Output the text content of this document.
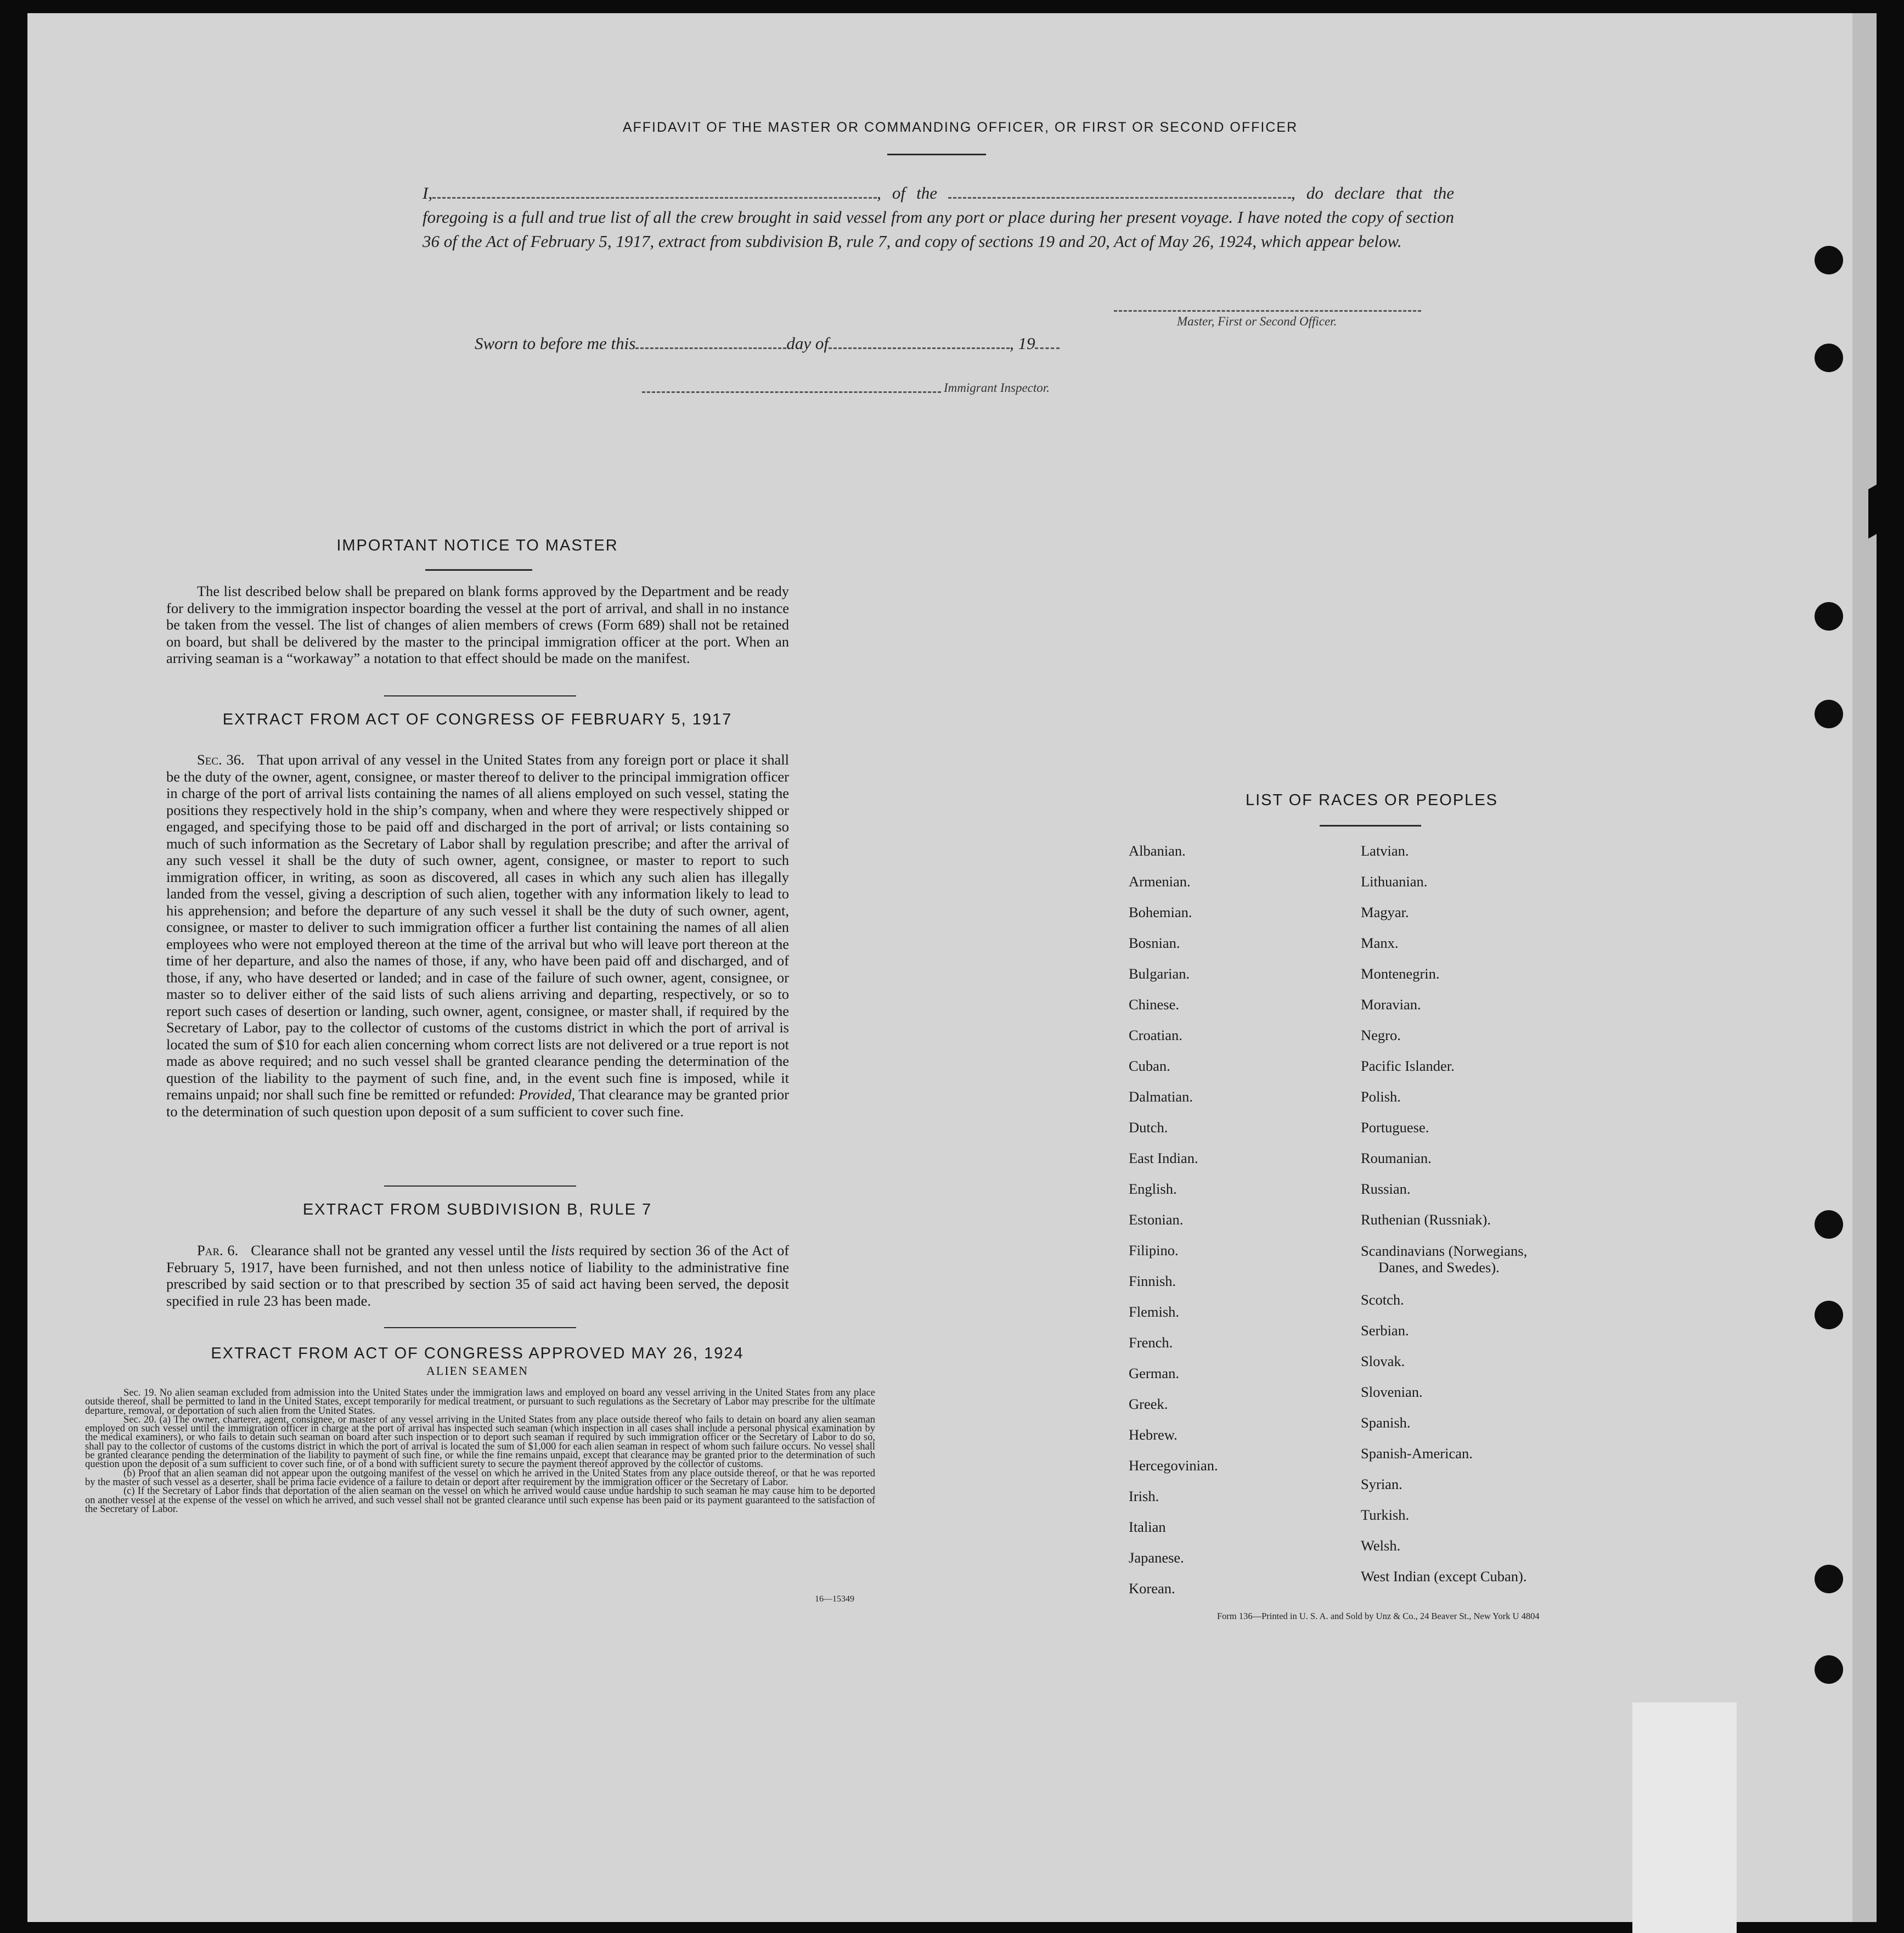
AFFIDAVIT OF THE MASTER OR COMMANDING OFFICER, OR FIRST OR SECOND OFFICER
I,	, of the	, do declare that the foregoing is a full and true list of all the crew brought in said vessel from any port or place during her present voyage. I have noted the copy of section 36 of the Act of February 5, 1917, extract from subdivision B, rule 7, and copy of sections 19 and 20, Act of May 26, 1924, which appear below.
Master, First or Second Officer.
Sworn to before me this	day of	, 19
Immigrant Inspector.
IMPORTANT NOTICE TO MASTER
The list described below shall be prepared on blank forms approved by the Department and be ready for delivery to the immigration inspector boarding the vessel at the port of arrival, and shall in no instance be taken from the vessel. The list of changes of alien members of crews (Form 689) shall not be retained on board, but shall be delivered by the master to the principal immigration officer at the port. When an arriving seaman is a “workaway” a notation to that effect should be made on the manifest.
EXTRACT FROM ACT OF CONGRESS OF FEBRUARY 5, 1917
Sec. 36. That upon arrival of any vessel in the United States from any foreign port or place it shall be the duty of the owner, agent, consignee, or master thereof to deliver to the principal immigration officer in charge of the port of arrival lists containing the names of all aliens employed on such vessel, stating the positions they respectively hold in the ship’s company, when and where they were respectively shipped or engaged, and specifying those to be paid off and discharged in the port of arrival; or lists containing so much of such information as the Secretary of Labor shall by regulation prescribe; and after the arrival of any such vessel it shall be the duty of such owner, agent, consignee, or master to report to such immigration officer, in writing, as soon as discovered, all cases in which any such alien has illegally landed from the vessel, giving a description of such alien, together with any information likely to lead to his apprehension; and before the departure of any such vessel it shall be the duty of such owner, agent, consignee, or master to deliver to such immigration officer a further list containing the names of all alien employees who were not employed thereon at the time of the arrival but who will leave port thereon at the time of her departure, and also the names of those, if any, who have been paid off and discharged, and of those, if any, who have deserted or landed; and in case of the failure of such owner, agent, consignee, or master so to deliver either of the said lists of such aliens arriving and departing, respectively, or so to report such cases of desertion or landing, such owner, agent, consignee, or master shall, if required by the Secretary of Labor, pay to the collector of customs of the customs district in which the port of arrival is located the sum of $10 for each alien concerning whom correct lists are not delivered or a true report is not made as above required; and no such vessel shall be granted clearance pending the determination of the question of the liability to the payment of such fine, and, in the event such fine is imposed, while it remains unpaid; nor shall such fine be remitted or refunded: Provided, That clearance may be granted prior to the determination of such question upon deposit of a sum sufficient to cover such fine.
EXTRACT FROM SUBDIVISION B, RULE 7
Par. 6. Clearance shall not be granted any vessel until the lists required by section 36 of the Act of February 5, 1917, have been furnished, and not then unless notice of liability to the administrative fine prescribed by said section or to that prescribed by section 35 of said act having been served, the deposit specified in rule 23 has been made.
EXTRACT FROM ACT OF CONGRESS APPROVED MAY 26, 1924
ALIEN SEAMEN

Sec. 19. No alien seaman excluded from admission into the United States under the immigration laws and employed on board any vessel arriving in the United States from any place outside thereof, shall be permitted to land in the United States, except temporarily for medical treatment, or pursuant to such regulations as the Secretary of Labor may prescribe for the ultimate departure, removal, or deportation of such alien from the United States.

Sec. 20. (a) The owner, charterer, agent, consignee, or master of any vessel arriving in the United States from any place outside thereof who fails to detain on board any alien seaman employed on such vessel until the immigration officer in charge at the port of arrival has inspected such seaman (which inspection in all cases shall include a personal physical examination by the medical examiners), or who fails to detain such seaman on board after such inspection or to deport such seaman if required by such immigration officer or the Secretary of Labor to do so, shall pay to the collector of customs of the customs district in which the port of arrival is located the sum of $1,000 for each alien seaman in respect of whom such failure occurs. No vessel shall be granted clearance pending the determination of the liability to payment of such fine, or while the fine remains unpaid, except that clearance may be granted prior to the determination of such question upon the deposit of a sum sufficient to cover such fine, or of a bond with sufficient surety to secure the payment thereof approved by the collector of customs.

(b) Proof that an alien seaman did not appear upon the outgoing manifest of the vessel on which he arrived in the United States from any place outside thereof, or that he was reported by the master of such vessel as a deserter, shall be prima facie evidence of a failure to detain or deport after requirement by the immigration officer or the Secretary of Labor.

(c) If the Secretary of Labor finds that deportation of the alien seaman on the vessel on which he arrived would cause undue hardship to such seaman he may cause him to be deported on another vessel at the expense of the vessel on which he arrived, and such vessel shall not be granted clearance until such expense has been paid or its payment guaranteed to the satisfaction of the Secretary of Labor.

16—15349
LIST OF RACES OR PEOPLES
Albanian.
Armenian.
Bohemian.
Bosnian.
Bulgarian.
Chinese.
Croatian.
Cuban.
Dalmatian.
Dutch.
East Indian.
English.
Estonian.
Filipino.
Finnish.
Flemish.
French.
German.
Greek.
Hebrew.
Hercegovinian.
Irish.
Italian
Japanese.
Korean.
Latvian.
Lithuanian.
Magyar.
Manx.
Montenegrin.
Moravian.
Negro.
Pacific Islander.
Polish.
Portuguese.
Roumanian.
Russian.
Ruthenian (Russniak).
Scandinavians (Norwegians,
Danes, and Swedes).
Scotch.
Serbian.
Slovak.
Slovenian.
Spanish.
Spanish-American.
Syrian.
Turkish.
Welsh.
West Indian (except Cuban).
Form 136—Printed in U. S. A. and Sold by Unz & Co., 24 Beaver St., New York U 4804
